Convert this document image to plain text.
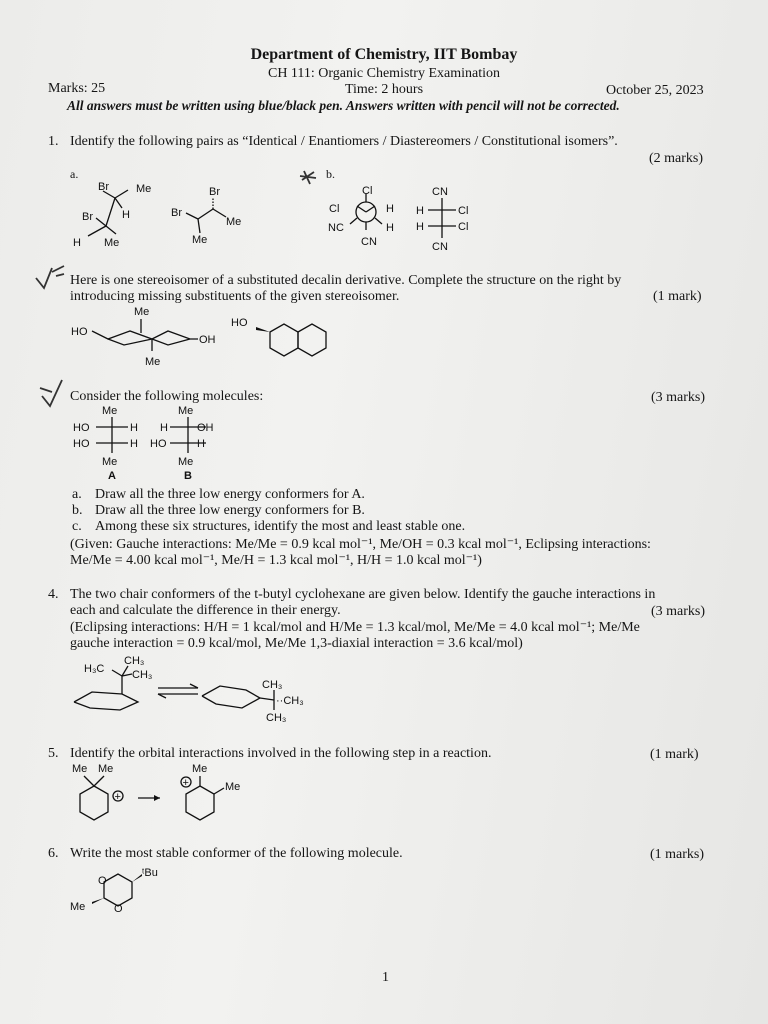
Department of Chemistry, IIT Bombay
CH 111: Organic Chemistry Examination
Marks: 25	Time: 2 hours	October 25, 2023
All answers must be written using blue/black pen. Answers written with pencil will not be corrected.
1. Identify the following pairs as “Identical / Enantiomers / Diastereomers / Constitutional isomers”.
(2 marks)
a.	b.
Br Me
Br	H
H Me
Br
Br
Me
Me
Cl
Cl	H
NC	H
CN
CN
H	Cl
H	Cl
CN
Here is one stereoisomer of a substituted decalin derivative. Complete the structure on the right by
introducing missing substituents of the given stereoisomer.	(1 mark)
Me
HO
OH
Me
HO
Consider the following molecules:	(3 marks)
Me
HO	H
HO	H
Me
A
Me
H	OH
HO	H
Me
B
a. Draw all the three low energy conformers for A.
b. Draw all the three low energy conformers for B.
c. Among these six structures, identify the most and least stable one.
(Given: Gauche interactions: Me/Me = 0.9 kcal mol⁻¹, Me/OH = 0.3 kcal mol⁻¹, Eclipsing interactions:
Me/Me = 4.00 kcal mol⁻¹, Me/H = 1.3 kcal mol⁻¹, H/H = 1.0 kcal mol⁻¹)
4. The two chair conformers of the t-butyl cyclohexane are given below. Identify the gauche interactions in
each and calculate the difference in their energy.	(3 marks)
(Eclipsing interactions: H/H = 1 kcal/mol and H/Me = 1.3 kcal/mol, Me/Me = 4.0 kcal mol⁻¹; Me/Me
gauche interaction = 0.9 kcal/mol, Me/Me 1,3-diaxial interaction = 3.6 kcal/mol)
H₃C
CH₃
CH₃
CH₃
··CH₃
CH₃
5. Identify the orbital interactions involved in the following step in a reaction.	(1 mark)
Me Me
+
Me
+	Me
6. Write the most stable conformer of the following molecule.	(1 marks)
O
O
ᵗBu
Me
1
